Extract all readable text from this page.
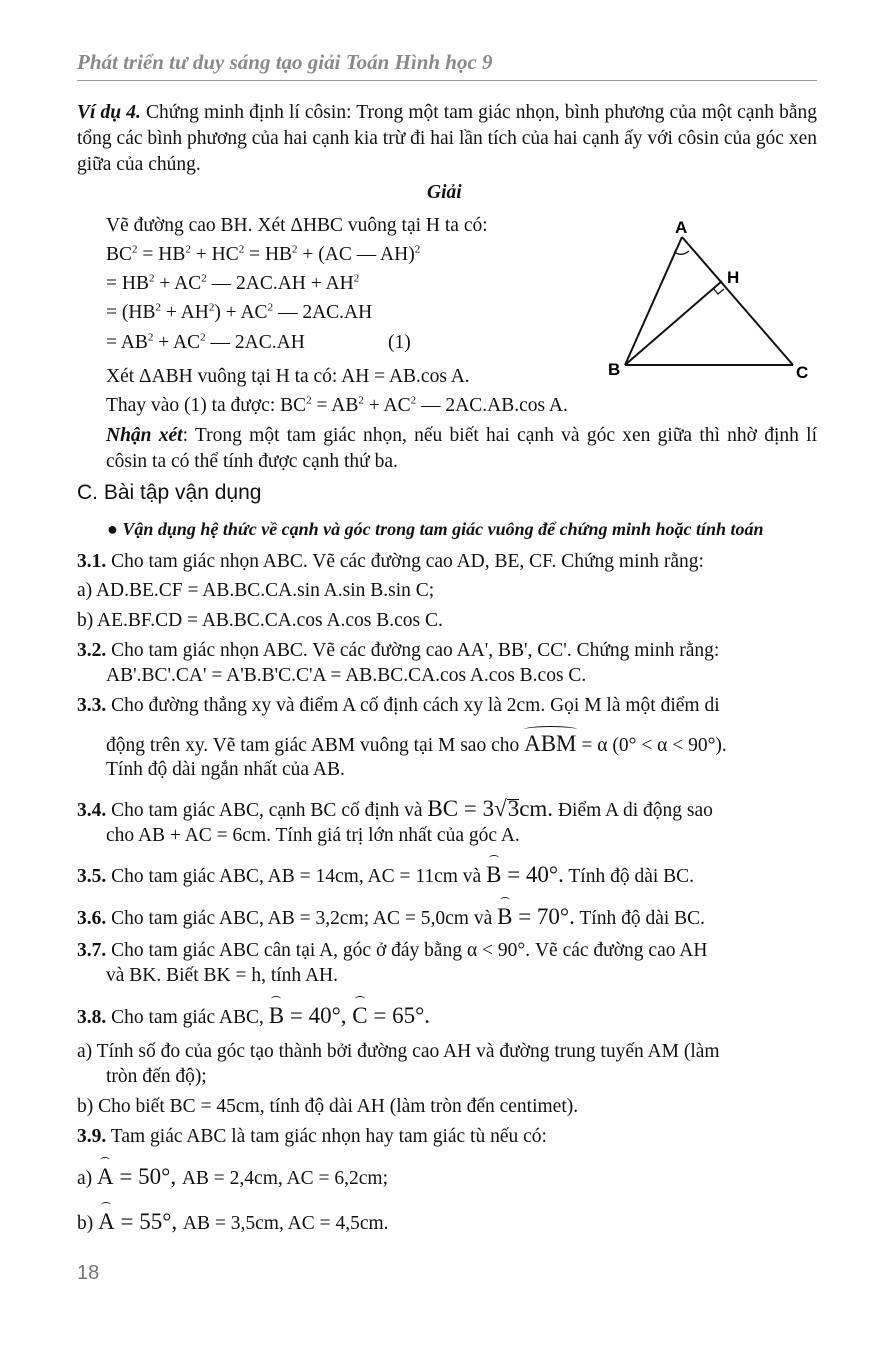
Phát triển tư duy sáng tạo giải Toán Hình học 9
Ví dụ 4. Chứng minh định lí côsin: Trong một tam giác nhọn, bình phương của một cạnh bằng tổng các bình phương của hai cạnh kia trừ đi hai lần tích của hai cạnh ấy với côsin của góc xen giữa của chúng.
Giải
Vẽ đường cao BH. Xét ΔHBC vuông tại H ta có:
$BC^2 = HB^2 + HC^2 = HB^2 + (AC$ — AH)$^2$
= $HB^2 + AC^2$ — $2AC.AH + AH^2$
= $(HB^2 + AH^2) + AC^2$ — 2AC.AH
= $AB^2 + AC^2$ — 2AC.AH	(1)
Xét ΔABH vuông tại H ta có: AH = AB.cos A.
Thay vào (1) ta được: $BC^2 = AB^2 + AC^2$ — 2AC.AB.cos A.
Nhận xét: Trong một tam giác nhọn, nếu biết hai cạnh và góc xen giữa thì nhờ định lí côsin ta có thể tính được cạnh thứ ba.
A
H
B	C
C. Bài tập vận dụng
● Vận dụng hệ thức về cạnh và góc trong tam giác vuông để chứng minh hoặc tính toán
3.1. Cho tam giác nhọn ABC. Vẽ các đường cao AD, BE, CF. Chứng minh rằng:
a) AD.BE.CF = AB.BC.CA.sin A.sin B.sin C;
b) AE.BF.CD = AB.BC.CA.cos A.cos B.cos C.
3.2. Cho tam giác nhọn ABC. Vẽ các đường cao AA', BB', CC'. Chứng minh rằng:
AB'.BC'.CA' = A'B.B'C.C'A = AB.BC.CA.cos A.cos B.cos C.
3.3. Cho đường thẳng xy và điểm A cố định cách xy là 2cm. Gọi M là một điểm di
động trên xy. Vẽ tam giác ABM vuông tại M sao cho ABM = α (0° < α < 90°).
Tính độ dài ngắn nhất của AB.
3.4. Cho tam giác ABC, cạnh BC cố định và BC = 3√3cm. Điểm A di động sao
cho AB + AC = 6cm. Tính giá trị lớn nhất của góc A.
3.5. Cho tam giác ABC, AB = 14cm, AC = 11cm và B = 40°. Tính độ dài BC.
3.6. Cho tam giác ABC, AB = 3,2cm; AC = 5,0cm và B = 70°. Tính độ dài BC.
3.7. Cho tam giác ABC cân tại A, góc ở đáy bằng α < 90°. Vẽ các đường cao AH
và BK. Biết BK = h, tính AH.
3.8. Cho tam giác ABC, B = 40°, C = 65°.
a) Tính số đo của góc tạo thành bởi đường cao AH và đường trung tuyến AM (làm
tròn đến độ);
b) Cho biết BC = 45cm, tính độ dài AH (làm tròn đến centimet).
3.9. Tam giác ABC là tam giác nhọn hay tam giác tù nếu có:
a) A = 50°, AB = 2,4cm, AC = 6,2cm;
b) A = 55°, AB = 3,5cm, AC = 4,5cm.
18
